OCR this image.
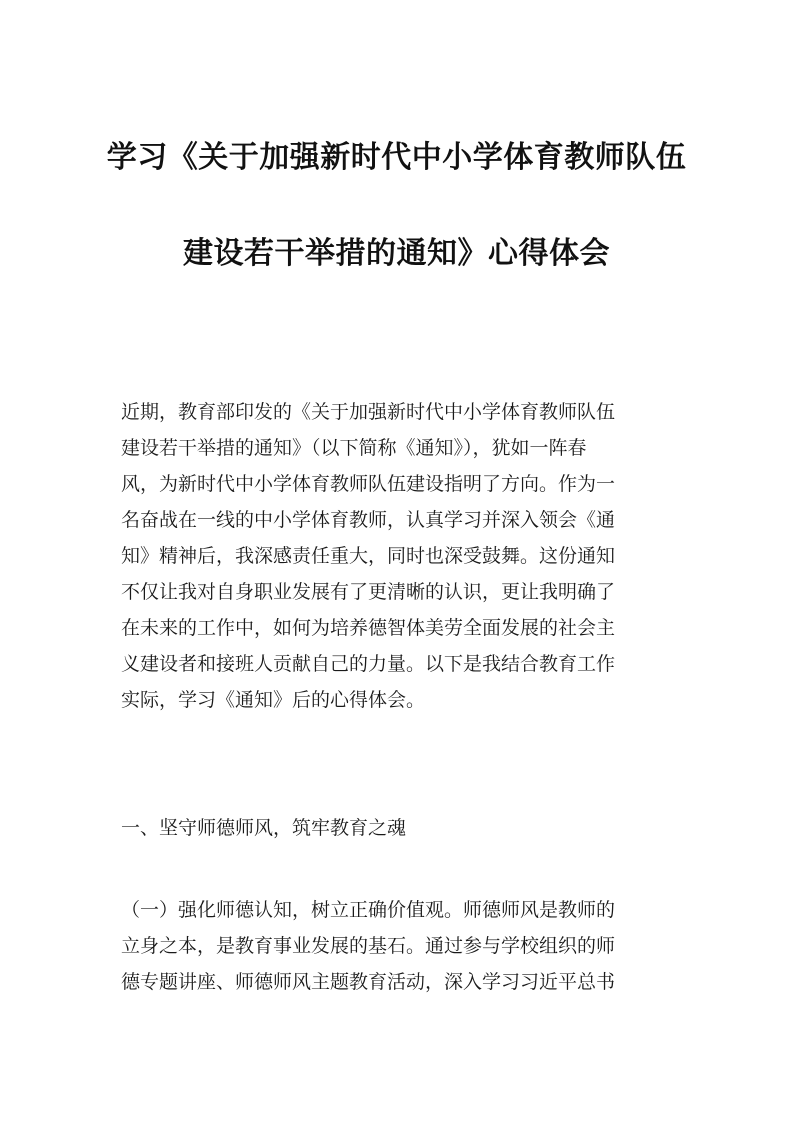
学习《关于加强新时代中小学体育教师队伍
建设若干举措的通知》心得体会
近期，教育部印发的《关于加强新时代中小学体育教师队伍
建设若干举措的通知》（以下简称《通知》），犹如一阵春
风，为新时代中小学体育教师队伍建设指明了方向。作为一
名奋战在一线的中小学体育教师，认真学习并深入领会《通
知》精神后，我深感责任重大，同时也深受鼓舞。这份通知
不仅让我对自身职业发展有了更清晰的认识，更让我明确了
在未来的工作中，如何为培养德智体美劳全面发展的社会主
义建设者和接班人贡献自己的力量。以下是我结合教育工作
实际，学习《通知》后的心得体会。
一、坚守师德师风，筑牢教育之魂
（一）强化师德认知，树立正确价值观。师德师风是教师的
立身之本，是教育事业发展的基石。通过参与学校组织的师
德专题讲座、师德师风主题教育活动，深入学习习近平总书
